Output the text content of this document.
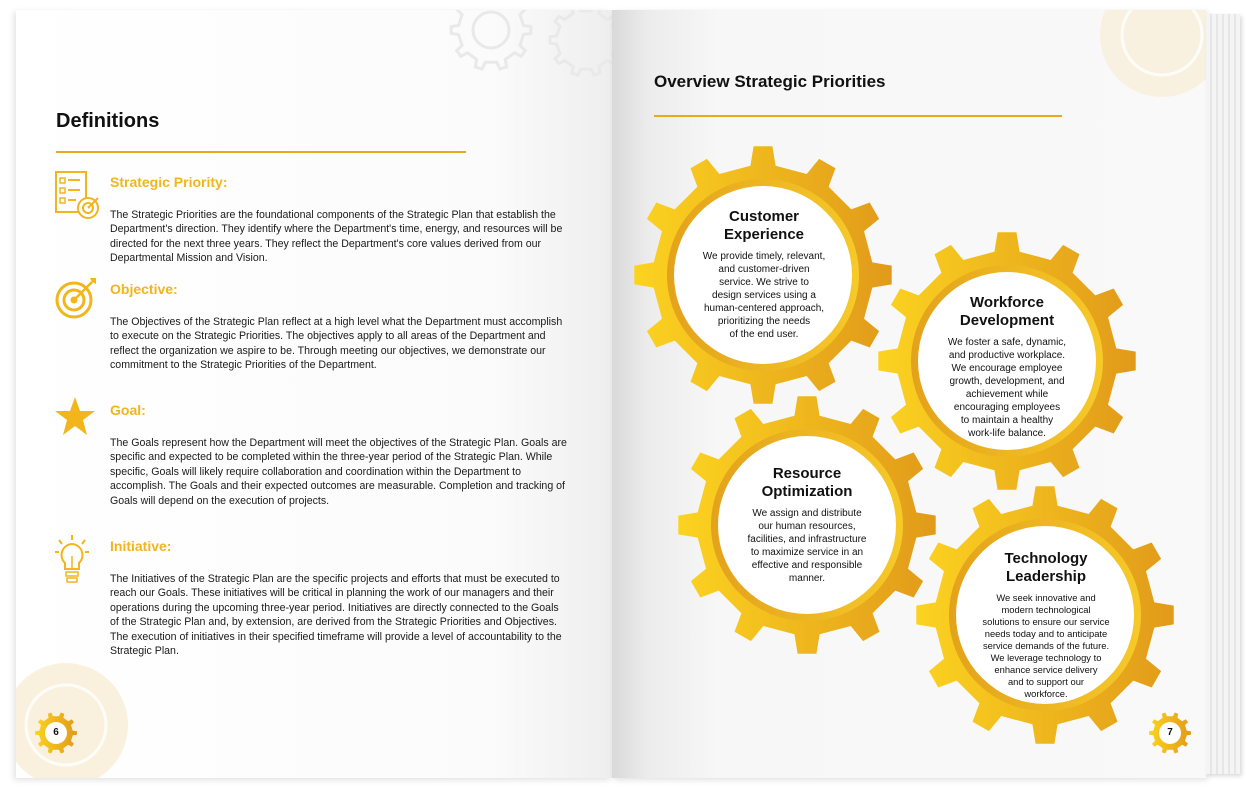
Definitions

Strategic Priority:

The Strategic Priorities are the foundational components of the Strategic Plan that establish the Department's direction. They identify where the Department's time, energy, and resources will be directed for the next three years. They reflect the Department's core values derived from our Departmental Mission and Vision.

Objective:

The Objectives of the Strategic Plan reflect at a high level what the Department must accomplish to execute on the Strategic Priorities. The objectives apply to all areas of the Department and reflect the organization we aspire to be. Through meeting our objectives, we demonstrate our commitment to the Strategic Priorities of the Department.

Goal:

The Goals represent how the Department will meet the objectives of the Strategic Plan. Goals are specific and expected to be completed within the three-year period of the Strategic Plan. While specific, Goals will likely require collaboration and coordination within the Department to accomplish. The Goals and their expected outcomes are measurable. Completion and tracking of Goals will depend on the execution of projects.

Initiative:

The Initiatives of the Strategic Plan are the specific projects and efforts that must be executed to reach our Goals. These initiatives will be critical in planning the work of our managers and their operations during the upcoming three-year period. Initiatives are directly connected to the Goals of the Strategic Plan and, by extension, are derived from the Strategic Priorities and Objectives. The execution of initiatives in their specified timeframe will provide a level of accountability to the Strategic Plan.

6
Overview Strategic Priorities

Customer
Experience

We provide timely, relevant,
and customer-driven
service. We strive to
design services using a
human-centered approach,
prioritizing the needs
of the end user.

Workforce
Development

We foster a safe, dynamic,
and productive workplace.
We encourage employee
growth, development, and
achievement while
encouraging employees
to maintain a healthy
work-life balance.

Resource
Optimization

We assign and distribute
our human resources,
facilities, and infrastructure
to maximize service in an
effective and responsible
manner.

Technology
Leadership

We seek innovative and
modern technological
solutions to ensure our service
needs today and to anticipate
service demands of the future.
We leverage technology to
enhance service delivery
and to support our
workforce.

7
